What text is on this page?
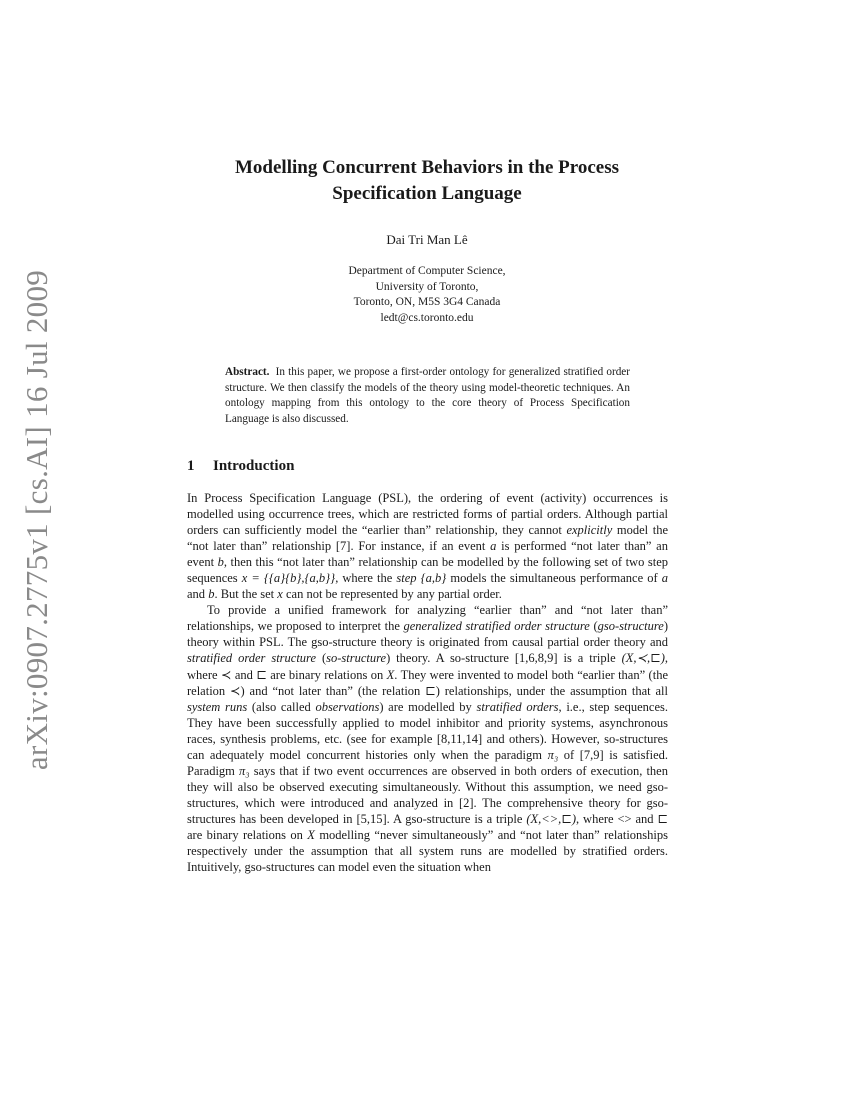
arXiv:0907.2775v1 [cs.AI] 16 Jul 2009
Modelling Concurrent Behaviors in the Process
Specification Language
Dai Tri Man Lê
Department of Computer Science,
University of Toronto,
Toronto, ON, M5S 3G4 Canada
ledt@cs.toronto.edu
Abstract. In this paper, we propose a first-order ontology for generalized stratified order structure. We then classify the models of the theory using model-theoretic techniques. An ontology mapping from this ontology to the core theory of Process Specification Language is also discussed.
1 Introduction

In Process Specification Language (PSL), the ordering of event (activity) occurrences is modelled using occurrence trees, which are restricted forms of partial orders. Although partial orders can sufficiently model the “earlier than” relationship, they cannot explicitly model the “not later than” relationship [7]. For instance, if an event a is performed “not later than” an event b, then this “not later than” relationship can be modelled by the following set of two step sequences x = {{a}{b},{a,b}}, where the step {a,b} models the simultaneous performance of a and b. But the set x can not be represented by any partial order.

To provide a unified framework for analyzing “earlier than” and “not later than” relationships, we proposed to interpret the generalized stratified order structure (gso-structure) theory within PSL. The gso-structure theory is originated from causal partial order theory and stratified order structure (so-structure) theory. A so-structure [1,6,8,9] is a triple (X,≺,⊏), where ≺ and ⊏ are binary relations on X. They were invented to model both “earlier than” (the relation ≺) and “not later than” (the relation ⊏) relationships, under the assumption that all system runs (also called observations) are modelled by stratified orders, i.e., step sequences. They have been successfully applied to model inhibitor and priority systems, asynchronous races, synthesis problems, etc. (see for example [8,11,14] and others). However, so-structures can adequately model concurrent histories only when the paradigm π₃ of [7,9] is satisfied. Paradigm π₃ says that if two event occurrences are observed in both orders of execution, then they will also be observed executing simultaneously. Without this assumption, we need gso-structures, which were introduced and analyzed in [2]. The comprehensive theory for gso-structures has been developed in [5,15]. A gso-structure is a triple (X,<>,⊏), where <> and ⊏ are binary relations on X modelling “never simultaneously” and “not later than” relationships respectively under the assumption that all system runs are modelled by stratified orders. Intuitively, gso-structures can model even the situation when
